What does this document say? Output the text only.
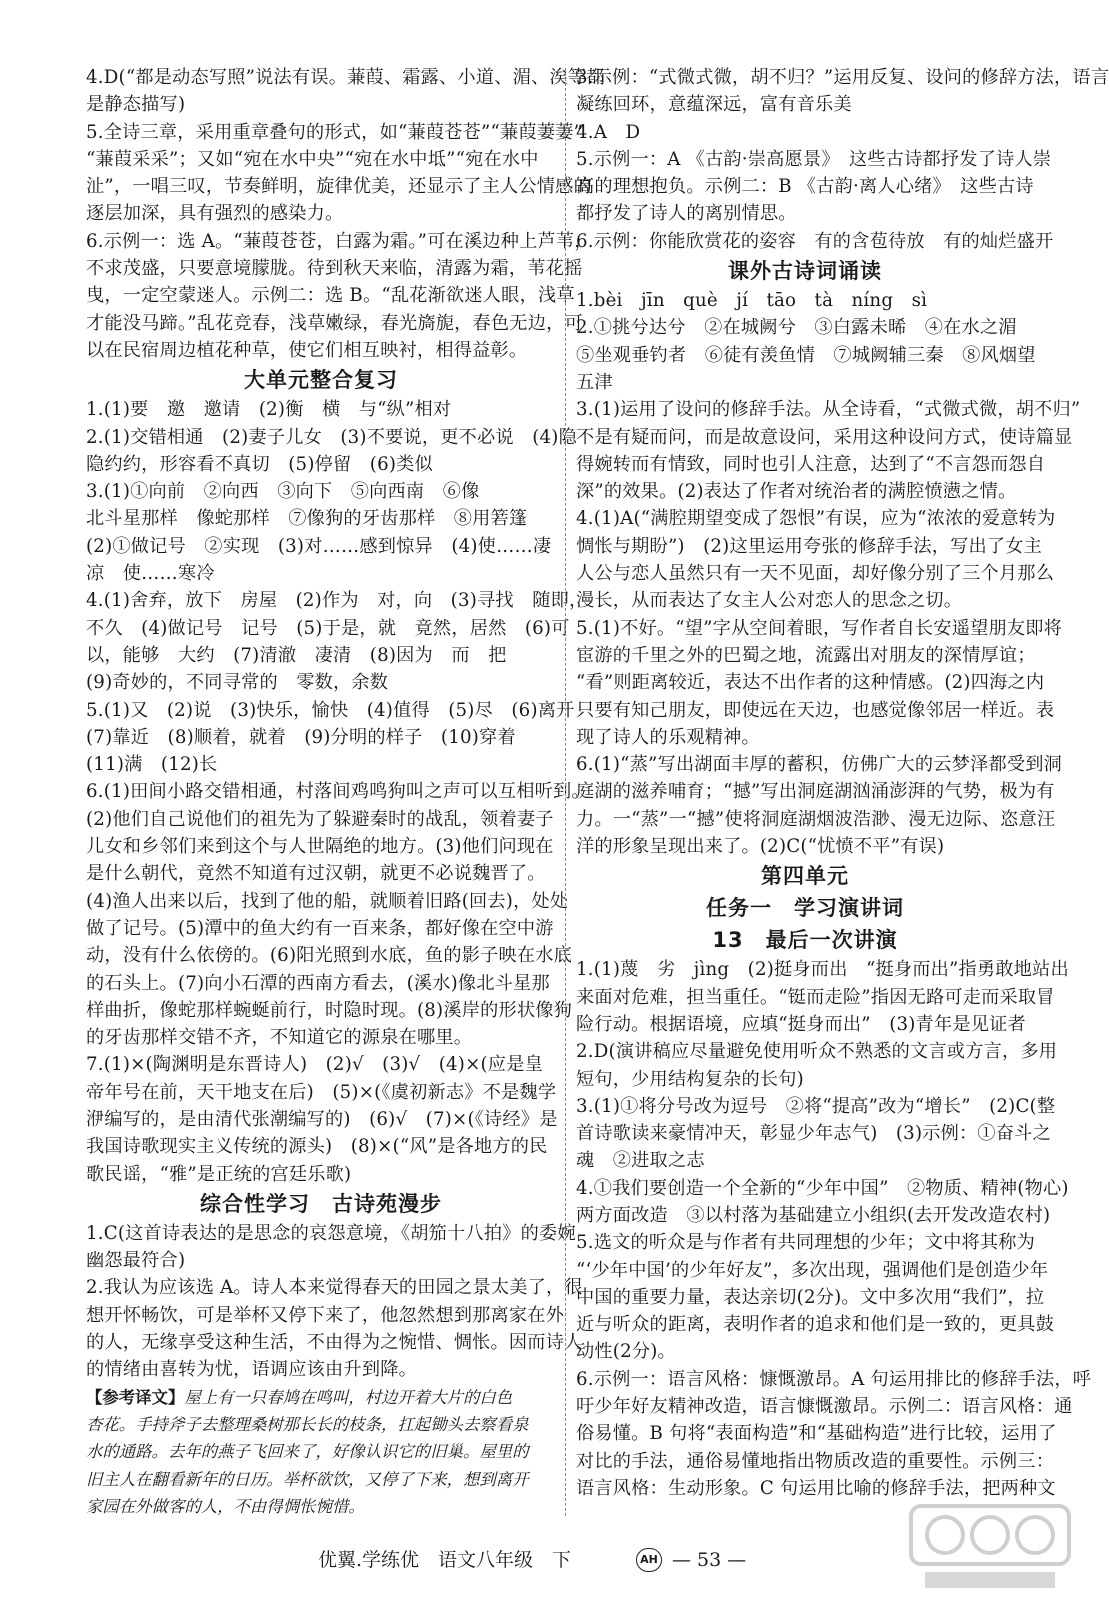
4.D(“都是动态写照”说法有误。蒹葭、霜露、小道、湄、涘等都
是静态描写)
5.全诗三章，采用重章叠句的形式，如“蒹葭苍苍”“蒹葭萋萋”
“蒹葭采采”；又如“宛在水中央”“宛在水中坻”“宛在水中
沚”，一唱三叹，节奏鲜明，旋律优美，还显示了主人公情感的
逐层加深，具有强烈的感染力。
6.示例一：选 A。“蒹葭苍苍，白露为霜。”可在溪边种上芦苇，
不求茂盛，只要意境朦胧。待到秋天来临，清露为霜，苇花摇
曳，一定空蒙迷人。示例二：选 B。“乱花渐欲迷人眼，浅草
才能没马蹄。”乱花竞春，浅草嫩绿，春光旖旎，春色无边，可
以在民宿周边植花种草，使它们相互映衬，相得益彰。
大单元整合复习
1.(1)要　邀　邀请　(2)衡　横　与“纵”相对
2.(1)交错相通　(2)妻子儿女　(3)不要说，更不必说　(4)隐
隐约约，形容看不真切　(5)停留　(6)类似
3.(1)①向前　②向西　③向下　⑤向西南　⑥像
北斗星那样　像蛇那样　⑦像狗的牙齿那样　⑧用箬篷
(2)①做记号　②实现　(3)对……感到惊异　(4)使……凄
凉　使……寒冷
4.(1)舍弃，放下　房屋　(2)作为　对，向　(3)寻找　随即，
不久　(4)做记号　记号　(5)于是，就　竟然，居然　(6)可
以，能够　大约　(7)清澈　凄清　(8)因为　而　把
(9)奇妙的，不同寻常的　零数，余数
5.(1)又　(2)说　(3)快乐，愉快　(4)值得　(5)尽　(6)离开
(7)靠近　(8)顺着，就着　(9)分明的样子　(10)穿着
(11)满　(12)长
6.(1)田间小路交错相通，村落间鸡鸣狗叫之声可以互相听到。
(2)他们自己说他们的祖先为了躲避秦时的战乱，领着妻子
儿女和乡邻们来到这个与人世隔绝的地方。(3)他们问现在
是什么朝代，竟然不知道有过汉朝，就更不必说魏晋了。
(4)渔人出来以后，找到了他的船，就顺着旧路(回去)，处处
做了记号。(5)潭中的鱼大约有一百来条，都好像在空中游
动，没有什么依傍的。(6)阳光照到水底，鱼的影子映在水底
的石头上。(7)向小石潭的西南方看去，(溪水)像北斗星那
样曲折，像蛇那样蜿蜒前行，时隐时现。(8)溪岸的形状像狗
的牙齿那样交错不齐，不知道它的源泉在哪里。
7.(1)×(陶渊明是东晋诗人)　(2)√　(3)√　(4)×(应是皇
帝年号在前，天干地支在后)　(5)×(《虞初新志》不是魏学
洢编写的，是由清代张潮编写的)　(6)√　(7)×(《诗经》是
我国诗歌现实主义传统的源头)　(8)×(“风”是各地方的民
歌民谣，“雅”是正统的宫廷乐歌)
综合性学习　古诗苑漫步
1.C(这首诗表达的是思念的哀怨意境，《胡笳十八拍》的委婉
幽怨最符合)
2.我认为应该选 A。诗人本来觉得春天的田园之景太美了，很
想开怀畅饮，可是举杯又停下来了，他忽然想到那离家在外
的人，无缘享受这种生活，不由得为之惋惜、惆怅。因而诗人
的情绪由喜转为忧，语调应该由升到降。
【参考译文】屋上有一只春鸠在鸣叫，村边开着大片的白色
杏花。手持斧子去整理桑树那长长的枝条，扛起锄头去察看泉
水的通路。去年的燕子飞回来了，好像认识它的旧巢。屋里的
旧主人在翻看新年的日历。举杯欲饮，又停了下来，想到离开
家园在外做客的人，不由得惆怅惋惜。
3.示例：“式微式微，胡不归？”运用反复、设问的修辞方法，语言
凝练回环，意蕴深远，富有音乐美
4.A　D
5.示例一：A 《古韵·崇高愿景》　这些古诗都抒发了诗人崇
高的理想抱负。示例二：B 《古韵·离人心绪》　这些古诗
都抒发了诗人的离别情思。
6.示例：你能欣赏花的姿容　有的含苞待放　有的灿烂盛开
课外古诗词诵读
1.bèi　jīn　què　jí　tāo　tà　níng　sì
2.①挑兮达兮　②在城阙兮　③白露未晞　④在水之湄
⑤坐观垂钓者　⑥徒有羡鱼情　⑦城阙辅三秦　⑧风烟望
五津
3.(1)运用了设问的修辞手法。从全诗看，“式微式微，胡不归”
不是有疑而问，而是故意设问，采用这种设问方式，使诗篇显
得婉转而有情致，同时也引人注意，达到了“不言怨而怨自
深”的效果。(2)表达了作者对统治者的满腔愤懑之情。
4.(1)A(“满腔期望变成了怨恨”有误，应为“浓浓的爱意转为
惆怅与期盼”)　(2)这里运用夸张的修辞手法，写出了女主
人公与恋人虽然只有一天不见面，却好像分别了三个月那么
漫长，从而表达了女主人公对恋人的思念之切。
5.(1)不好。“望”字从空间着眼，写作者自长安遥望朋友即将
宦游的千里之外的巴蜀之地，流露出对朋友的深情厚谊；
“看”则距离较近，表达不出作者的这种情感。(2)四海之内
只要有知己朋友，即使远在天边，也感觉像邻居一样近。表
现了诗人的乐观精神。
6.(1)“蒸”写出湖面丰厚的蓄积，仿佛广大的云梦泽都受到洞
庭湖的滋养哺育；“撼”写出洞庭湖汹涌澎湃的气势，极为有
力。一“蒸”一“撼”使将洞庭湖烟波浩渺、漫无边际、恣意汪
洋的形象呈现出来了。(2)C(“忧愤不平”有误)
第四单元
任务一　学习演讲词
13　最后一次讲演
1.(1)蔑　劣　jìng　(2)挺身而出　“挺身而出”指勇敢地站出
来面对危难，担当重任。“铤而走险”指因无路可走而采取冒
险行动。根据语境，应填“挺身而出”　(3)青年是见证者
2.D(演讲稿应尽量避免使用听众不熟悉的文言或方言，多用
短句，少用结构复杂的长句)
3.(1)①将分号改为逗号　②将“提高”改为“增长”　(2)C(整
首诗歌读来豪情冲天，彰显少年志气)　(3)示例：①奋斗之
魂　②进取之志
4.①我们要创造一个全新的“少年中国”　②物质、精神(物心)
两方面改造　③以村落为基础建立小组织(去开发改造农村)
5.选文的听众是与作者有共同理想的少年；文中将其称为
“‘少年中国’的少年好友”，多次出现，强调他们是创造少年
中国的重要力量，表达亲切(2分)。文中多次用“我们”，拉
近与听众的距离，表明作者的追求和他们是一致的，更具鼓
动性(2分)。
6.示例一：语言风格：慷慨激昂。A 句运用排比的修辞手法，呼
吁少年好友精神改造，语言慷慨激昂。示例二：语言风格：通
俗易懂。B 句将“表面构造”和“基础构造”进行比较，运用了
对比的手法，通俗易懂地指出物质改造的重要性。示例三：
语言风格：生动形象。C 句运用比喻的修辞手法，把两种文
优翼.学练优　语文八年级　下	AH — 53 —
